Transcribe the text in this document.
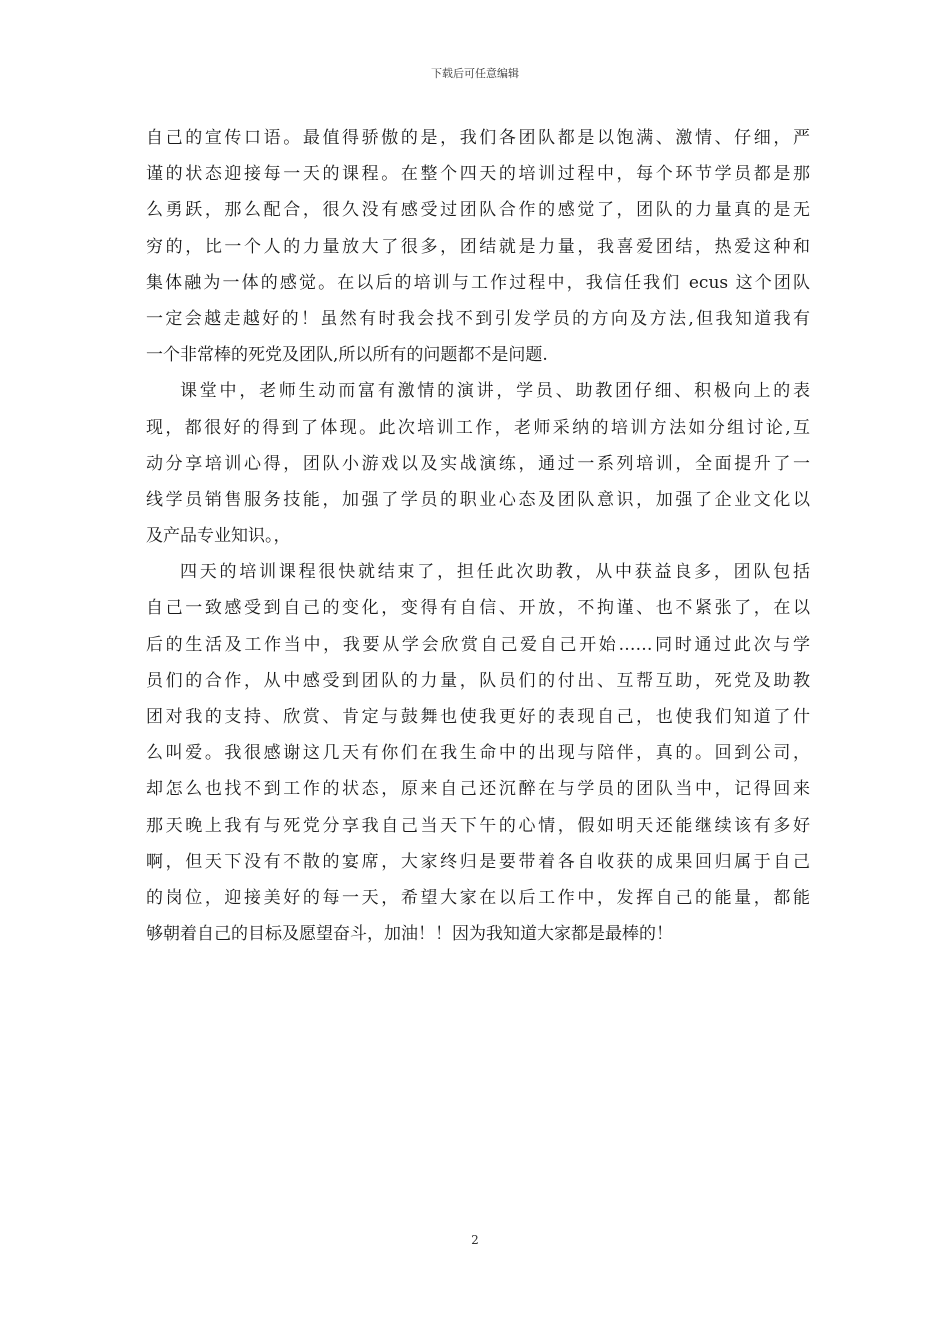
下载后可任意编辑
自己的宣传口语。最值得骄傲的是，我们各团队都是以饱满、激情、仔细，严
谨的状态迎接每一天的课程。在整个四天的培训过程中，每个环节学员都是那
么勇跃，那么配合，很久没有感受过团队合作的感觉了，团队的力量真的是无
穷的，比一个人的力量放大了很多，团结就是力量，我喜爱团结，热爱这种和
集体融为一体的感觉。在以后的培训与工作过程中，我信任我们 ecus 这个团队
一定会越走越好的！虽然有时我会找不到引发学员的方向及方法,但我知道我有
一个非常棒的死党及团队,所以所有的问题都不是问题.
课堂中，老师生动而富有激情的演讲，学员、助教团仔细、积极向上的表
现，都很好的得到了体现。此次培训工作，老师采纳的培训方法如分组讨论,互
动分享培训心得，团队小游戏以及实战演练，通过一系列培训，全面提升了一
线学员销售服务技能，加强了学员的职业心态及团队意识，加强了企业文化以
及产品专业知识。，
四天的培训课程很快就结束了，担任此次助教，从中获益良多，团队包括
自己一致感受到自己的变化，变得有自信、开放，不拘谨、也不紧张了，在以
后的生活及工作当中，我要从学会欣赏自己爱自己开始……同时通过此次与学
员们的合作，从中感受到团队的力量，队员们的付出、互帮互助，死党及助教
团对我的支持、欣赏、肯定与鼓舞也使我更好的表现自己，也使我们知道了什
么叫爱。我很感谢这几天有你们在我生命中的出现与陪伴，真的。回到公司，
却怎么也找不到工作的状态，原来自己还沉醉在与学员的团队当中，记得回来
那天晚上我有与死党分享我自己当天下午的心情，假如明天还能继续该有多好
啊，但天下没有不散的宴席，大家终归是要带着各自收获的成果回归属于自己
的岗位，迎接美好的每一天，希望大家在以后工作中，发挥自己的能量，都能
够朝着自己的目标及愿望奋斗，加油！！因为我知道大家都是最棒的！
2
